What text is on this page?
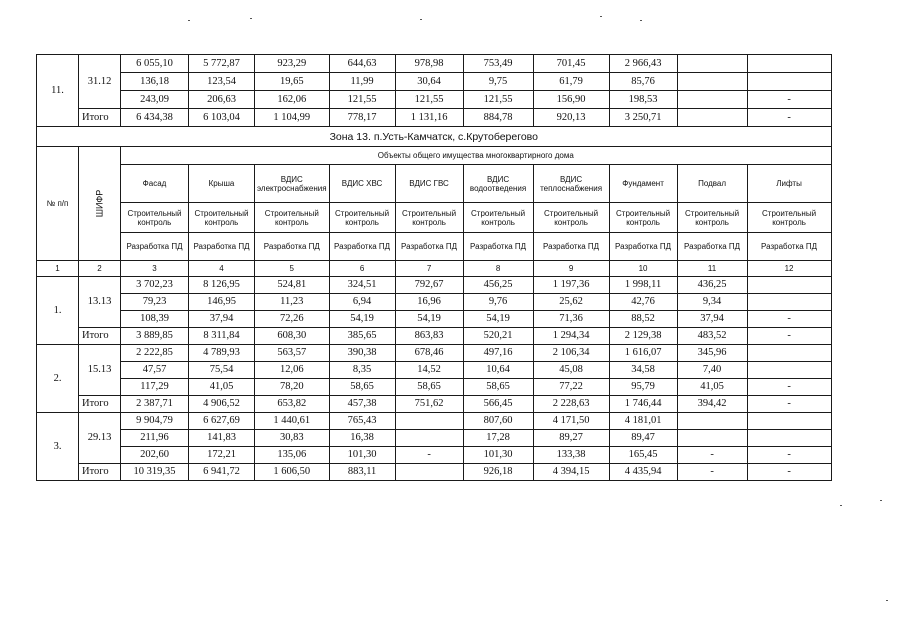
11.	31.12	6 055,10	5 772,87	923,29	644,63	978,98	753,49	701,45	2 966,43		
		136,18	123,54	19,65	11,99	30,64	9,75	61,79	85,76		
		243,09	206,63	162,06	121,55	121,55	121,55	156,90	198,53		-
	Итого	6 434,38	6 103,04	1 104,99	778,17	1 131,16	884,78	920,13	3 250,71		-
Зона 13. п.Усть-Камчатск, с.Крутоберегово											
№ п/п	ШИФР	Объекты общего имущества многоквартирного дома									
		Фасад	Крыша	ВДИС электроснабжения	ВДИС ХВС	ВДИС ГВС	ВДИС водоотведения	ВДИС теплоснабжения	Фундамент	Подвал	Лифты
		Строительный контроль	Строительный контроль	Строительный контроль	Строительный контроль	Строительный контроль	Строительный контроль	Строительный контроль	Строительный контроль	Строительный контроль	Строительный контроль
		Разработка ПД	Разработка ПД	Разработка ПД	Разработка ПД	Разработка ПД	Разработка ПД	Разработка ПД	Разработка ПД	Разработка ПД	Разработка ПД
1	2	3	4	5	6	7	8	9	10	11	12
1.	13.13	3 702,23	8 126,95	524,81	324,51	792,67	456,25	1 197,36	1 998,11	436,25	
		79,23	146,95	11,23	6,94	16,96	9,76	25,62	42,76	9,34	
		108,39	37,94	72,26	54,19	54,19	54,19	71,36	88,52	37,94	-
	Итого	3 889,85	8 311,84	608,30	385,65	863,83	520,21	1 294,34	2 129,38	483,52	-
2.	15.13	2 222,85	4 789,93	563,57	390,38	678,46	497,16	2 106,34	1 616,07	345,96	
		47,57	75,54	12,06	8,35	14,52	10,64	45,08	34,58	7,40	
		117,29	41,05	78,20	58,65	58,65	58,65	77,22	95,79	41,05	-
	Итого	2 387,71	4 906,52	653,82	457,38	751,62	566,45	2 228,63	1 746,44	394,42	-
3.	29.13	9 904,79	6 627,69	1 440,61	765,43		807,60	4 171,50	4 181,01		
		211,96	141,83	30,83	16,38		17,28	89,27	89,47		
		202,60	172,21	135,06	101,30	-	101,30	133,38	165,45	-	-
	Итого	10 319,35	6 941,72	1 606,50	883,11		926,18	4 394,15	4 435,94	-	-
